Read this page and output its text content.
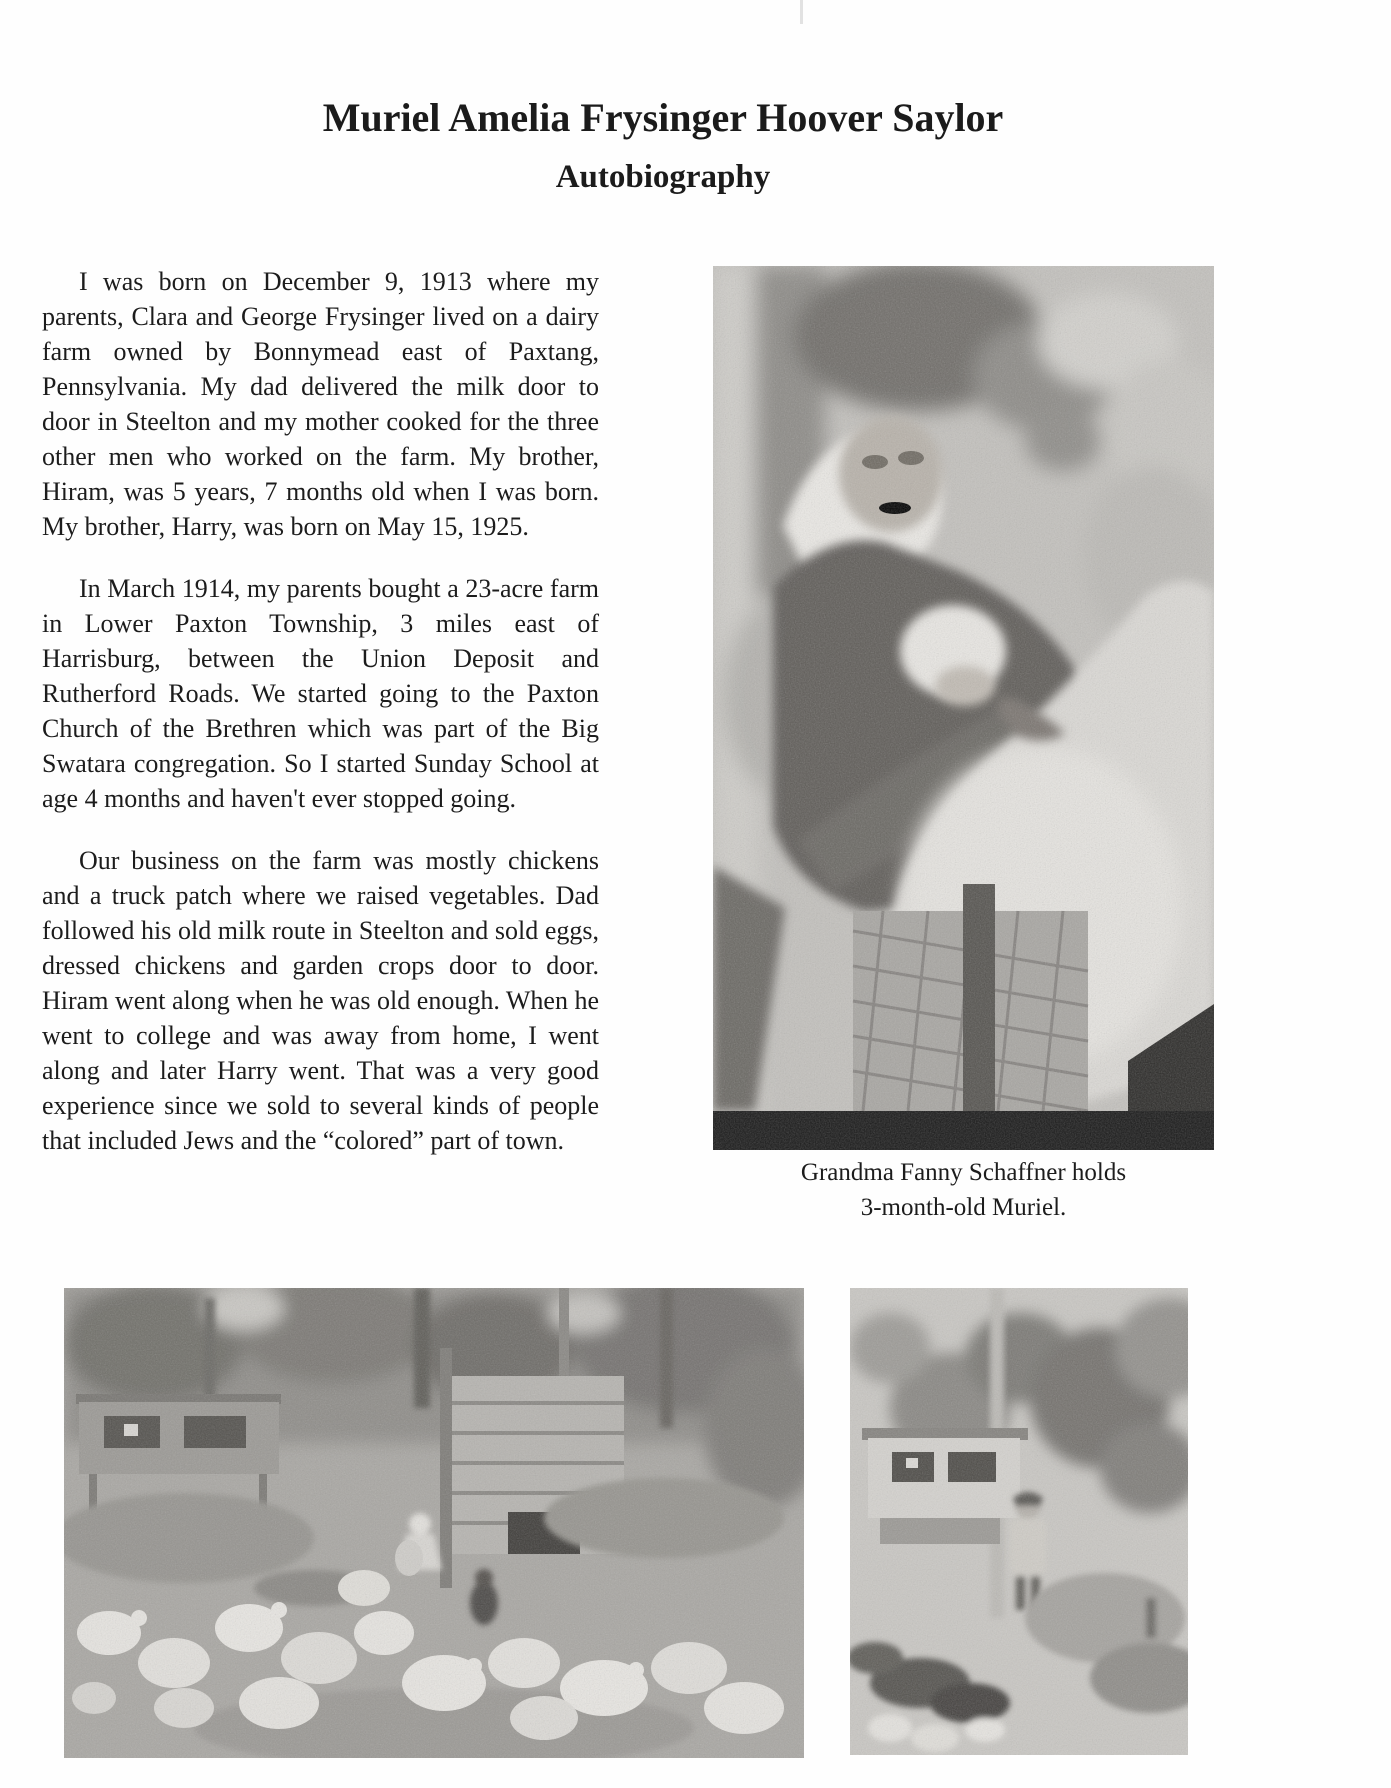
Muriel Amelia Frysinger Hoover Saylor
Autobiography

I was born on December 9, 1913 where my parents, Clara and George Frysinger lived on a dairy farm owned by Bonnymead east of Paxtang, Pennsylvania. My dad delivered the milk door to door in Steelton and my mother cooked for the three other men who worked on the farm. My brother, Hiram, was 5 years, 7 months old when I was born. My brother, Harry, was born on May 15, 1925.

In March 1914, my parents bought a 23-acre farm in Lower Paxton Township, 3 miles east of Harrisburg, between the Union Deposit and Rutherford Roads. We started going to the Paxton Church of the Brethren which was part of the Big Swatara congregation. So I started Sunday School at age 4 months and haven't ever stopped going.

Our business on the farm was mostly chickens and a truck patch where we raised vegetables. Dad followed his old milk route in Steelton and sold eggs, dressed chickens and garden crops door to door. Hiram went along when he was old enough. When he went to college and was away from home, I went along and later Harry went. That was a very good experience since we sold to several kinds of people that included Jews and the “colored” part of town.

Grandma Fanny Schaffner holds
3-month-old Muriel.
